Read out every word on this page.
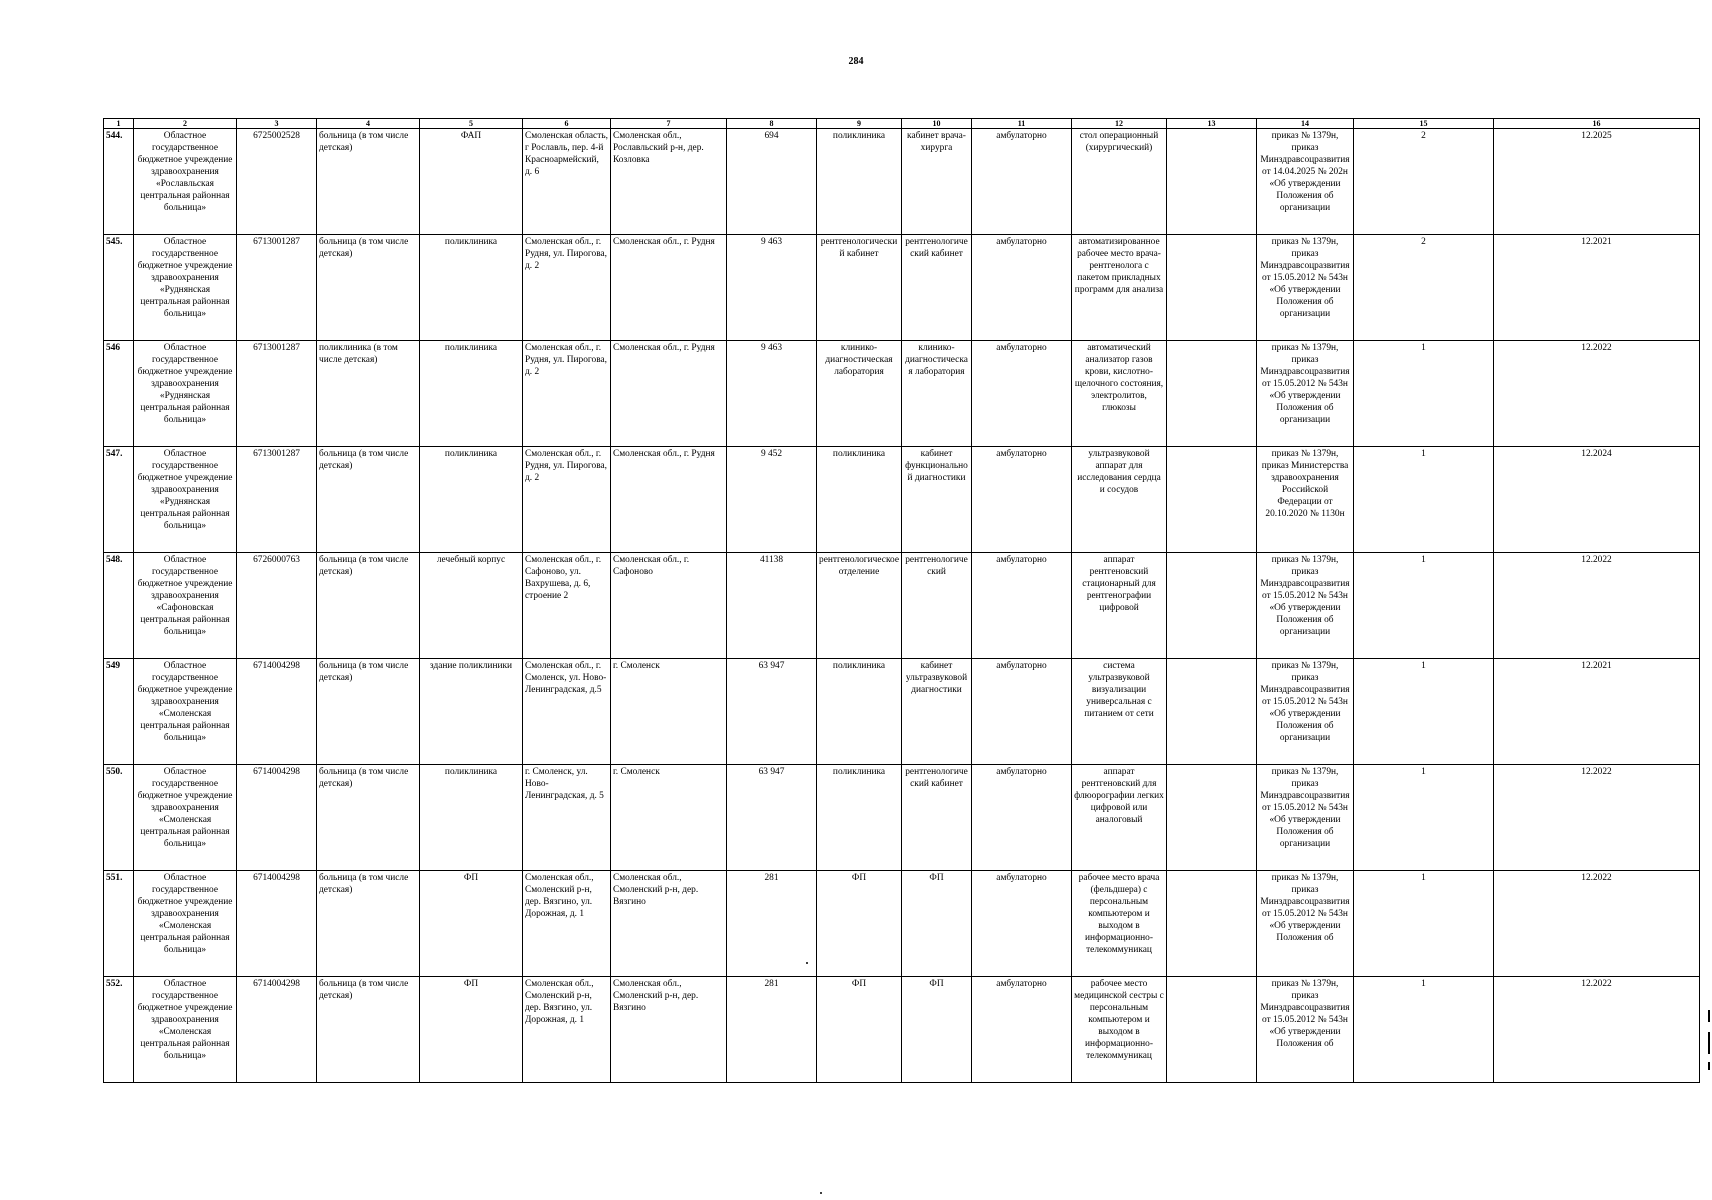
284
1	2	3	4	5	6	7	8	9	10	11	12	13	14	15	16
544.	Областное государственное бюджетное учреждение здравоохранения «Рославльская центральная районная больница»	6725002528	больница (в том числе детская)	ФАП	Смоленская область, г Рославль, пер. 4-й Красноармейский, д. 6	Смоленская обл., Рославльский р-н, дер. Козловка	694	поликлиника	кабинет врача-хирурга	амбулаторно	стол операционный (хирургический)		приказ № 1379н, приказ Минздравсоцразвития от 14.04.2025 № 202н «Об утверждении Положения об организации	2	12.2025
545.	Областное государственное бюджетное учреждение здравоохранения «Руднянская центральная районная больница»	6713001287	больница (в том числе детская)	поликлиника	Смоленская обл., г. Рудня, ул. Пирогова, д. 2	Смоленская обл., г. Рудня	9 463	рентгенологический кабинет	рентгенологический кабинет	амбулаторно	автоматизированное рабочее место врача-рентгенолога с пакетом прикладных программ для анализа		приказ № 1379н, приказ Минздравсоцразвития от 15.05.2012 № 543н «Об утверждении Положения об организации	2	12.2021
546	Областное государственное бюджетное учреждение здравоохранения «Руднянская центральная районная больница»	6713001287	поликлиника (в том числе детская)	поликлиника	Смоленская обл., г. Рудня, ул. Пирогова, д. 2	Смоленская обл., г. Рудня	9 463	клинико-диагностическая лаборатория	клинико-диагностическая лаборатория	амбулаторно	автоматический анализатор газов крови, кислотно-щелочного состояния, электролитов, глюкозы		приказ № 1379н, приказ Минздравсоцразвития от 15.05.2012 № 543н «Об утверждении Положения об организации	1	12.2022
547.	Областное государственное бюджетное учреждение здравоохранения «Руднянская центральная районная больница»	6713001287	больница (в том числе детская)	поликлиника	Смоленская обл., г. Рудня, ул. Пирогова, д. 2	Смоленская обл., г. Рудня	9 452	поликлиника	кабинет функциональной диагностики	амбулаторно	ультразвуковой аппарат для исследования сердца и сосудов		приказ № 1379н, приказ Министерства здравоохранения Российской Федерации от 20.10.2020 № 1130н	1	12.2024
548.	Областное государственное бюджетное учреждение здравоохранения «Сафоновская центральная районная больница»	6726000763	больница (в том числе детская)	лечебный корпус	Смоленская обл., г. Сафоново, ул. Вахрушева, д. 6, строение 2	Смоленская обл., г. Сафоново	41138	рентгенологическое отделение	рентгенологический	амбулаторно	аппарат рентгеновский стационарный для рентгенографии цифровой		приказ № 1379н, приказ Минздравсоцразвития от 15.05.2012 № 543н «Об утверждении Положения об организации	1	12.2022
549	Областное государственное бюджетное учреждение здравоохранения «Смоленская центральная районная больница»	6714004298	больница (в том числе детская)	здание поликлиники	Смоленская обл., г. Смоленск, ул. Ново-Ленинградская, д.5	г. Смоленск	63 947	поликлиника	кабинет ультразвуковой диагностики	амбулаторно	система ультразвуковой визуализации универсальная с питанием от сети		приказ № 1379н, приказ Минздравсоцразвития от 15.05.2012 № 543н «Об утверждении Положения об организации	1	12.2021
550.	Областное государственное бюджетное учреждение здравоохранения «Смоленская центральная районная больница»	6714004298	больница (в том числе детская)	поликлиника	г. Смоленск, ул. Ново-Ленинградская, д. 5	г. Смоленск	63 947	поликлиника	рентгенологический кабинет	амбулаторно	аппарат рентгеновский для флюорографии легких цифровой или аналоговый		приказ № 1379н, приказ Минздравсоцразвития от 15.05.2012 № 543н «Об утверждении Положения об организации	1	12.2022
551.	Областное государственное бюджетное учреждение здравоохранения «Смоленская центральная районная больница»	6714004298	больница (в том числе детская)	ФП	Смоленская обл., Смоленский р-н, дер. Вязгино, ул. Дорожная, д. 1	Смоленская обл., Смоленский р-н, дер. Вязгино	281	ФП	ФП	амбулаторно	рабочее место врача (фельдшера) с персональным компьютером и выходом в информационно-телекоммуникац		приказ № 1379н, приказ Минздравсоцразвития от 15.05.2012 № 543н «Об утверждении Положения об	1	12.2022
552.	Областное государственное бюджетное учреждение здравоохранения «Смоленская центральная районная больница»	6714004298	больница (в том числе детская)	ФП	Смоленская обл., Смоленский р-н, дер. Вязгино, ул. Дорожная, д. 1	Смоленская обл., Смоленский р-н, дер. Вязгино	281	ФП	ФП	амбулаторно	рабочее место медицинской сестры с персональным компьютером и выходом в информационно-телекоммуникац		приказ № 1379н, приказ Минздравсоцразвития от 15.05.2012 № 543н «Об утверждении Положения об	1	12.2022
